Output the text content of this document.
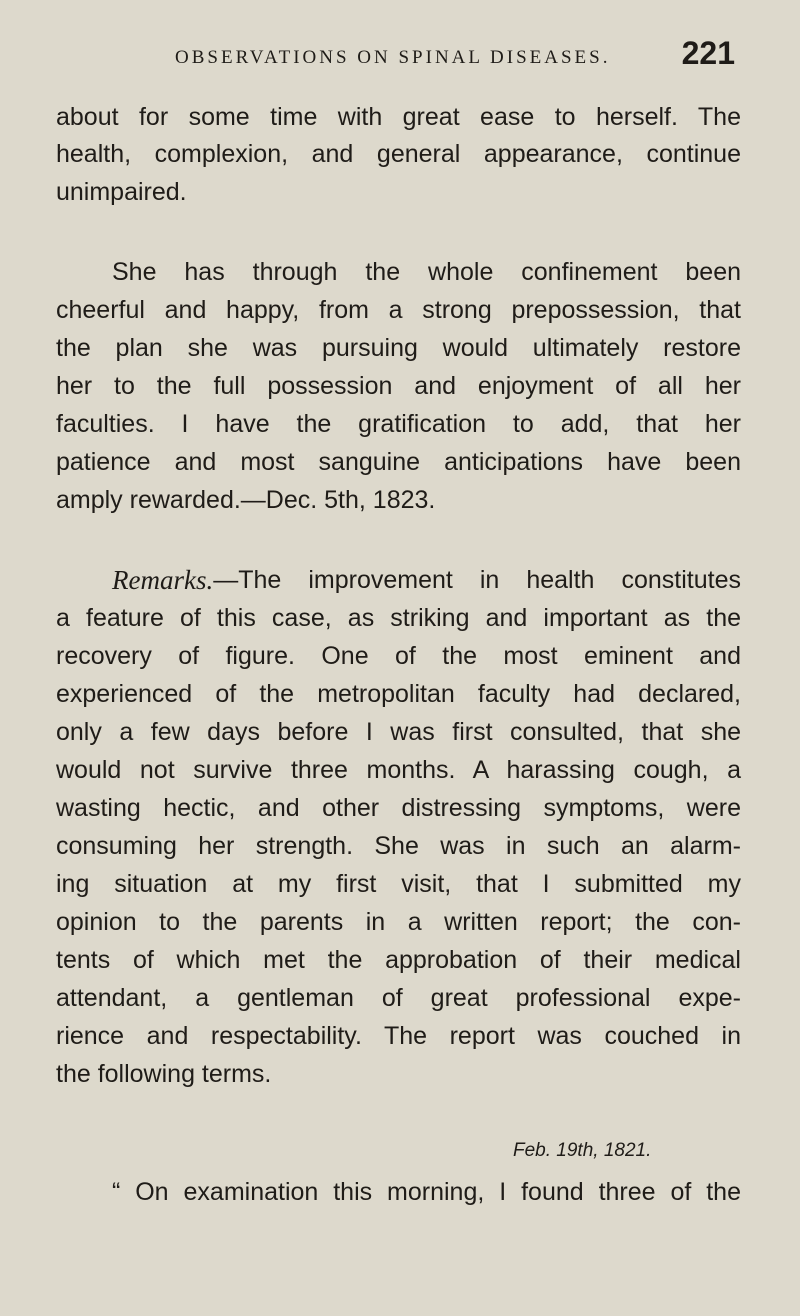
OBSERVATIONS ON SPINAL DISEASES. 221
about for some time with great ease to herself. The
health, complexion, and general appearance, continue
unimpaired.
She has through the whole confinement been
cheerful and happy, from a strong prepossession, that
the plan she was pursuing would ultimately restore
her to the full possession and enjoyment of all her
faculties. I have the gratification to add, that her
patience and most sanguine anticipations have been
amply rewarded.—Dec. 5th, 1823.
Remarks. —The improvement in health constitutes
a feature of this case, as striking and important as the
recovery of figure. One of the most eminent and
experienced of the metropolitan faculty had declared,
only a few days before I was first consulted, that she
would not survive three months. A harassing cough, a
wasting hectic, and other distressing symptoms, were
consuming her strength. She was in such an alarm-
ing situation at my first visit, that I submitted my
opinion to the parents in a written report; the con-
tents of which met the approbation of their medical
attendant, a gentleman of great professional expe-
rience and respectability. The report was couched in
the following terms.
“ On examination this morning, I found three of the
Feb. 19th, 1821.
